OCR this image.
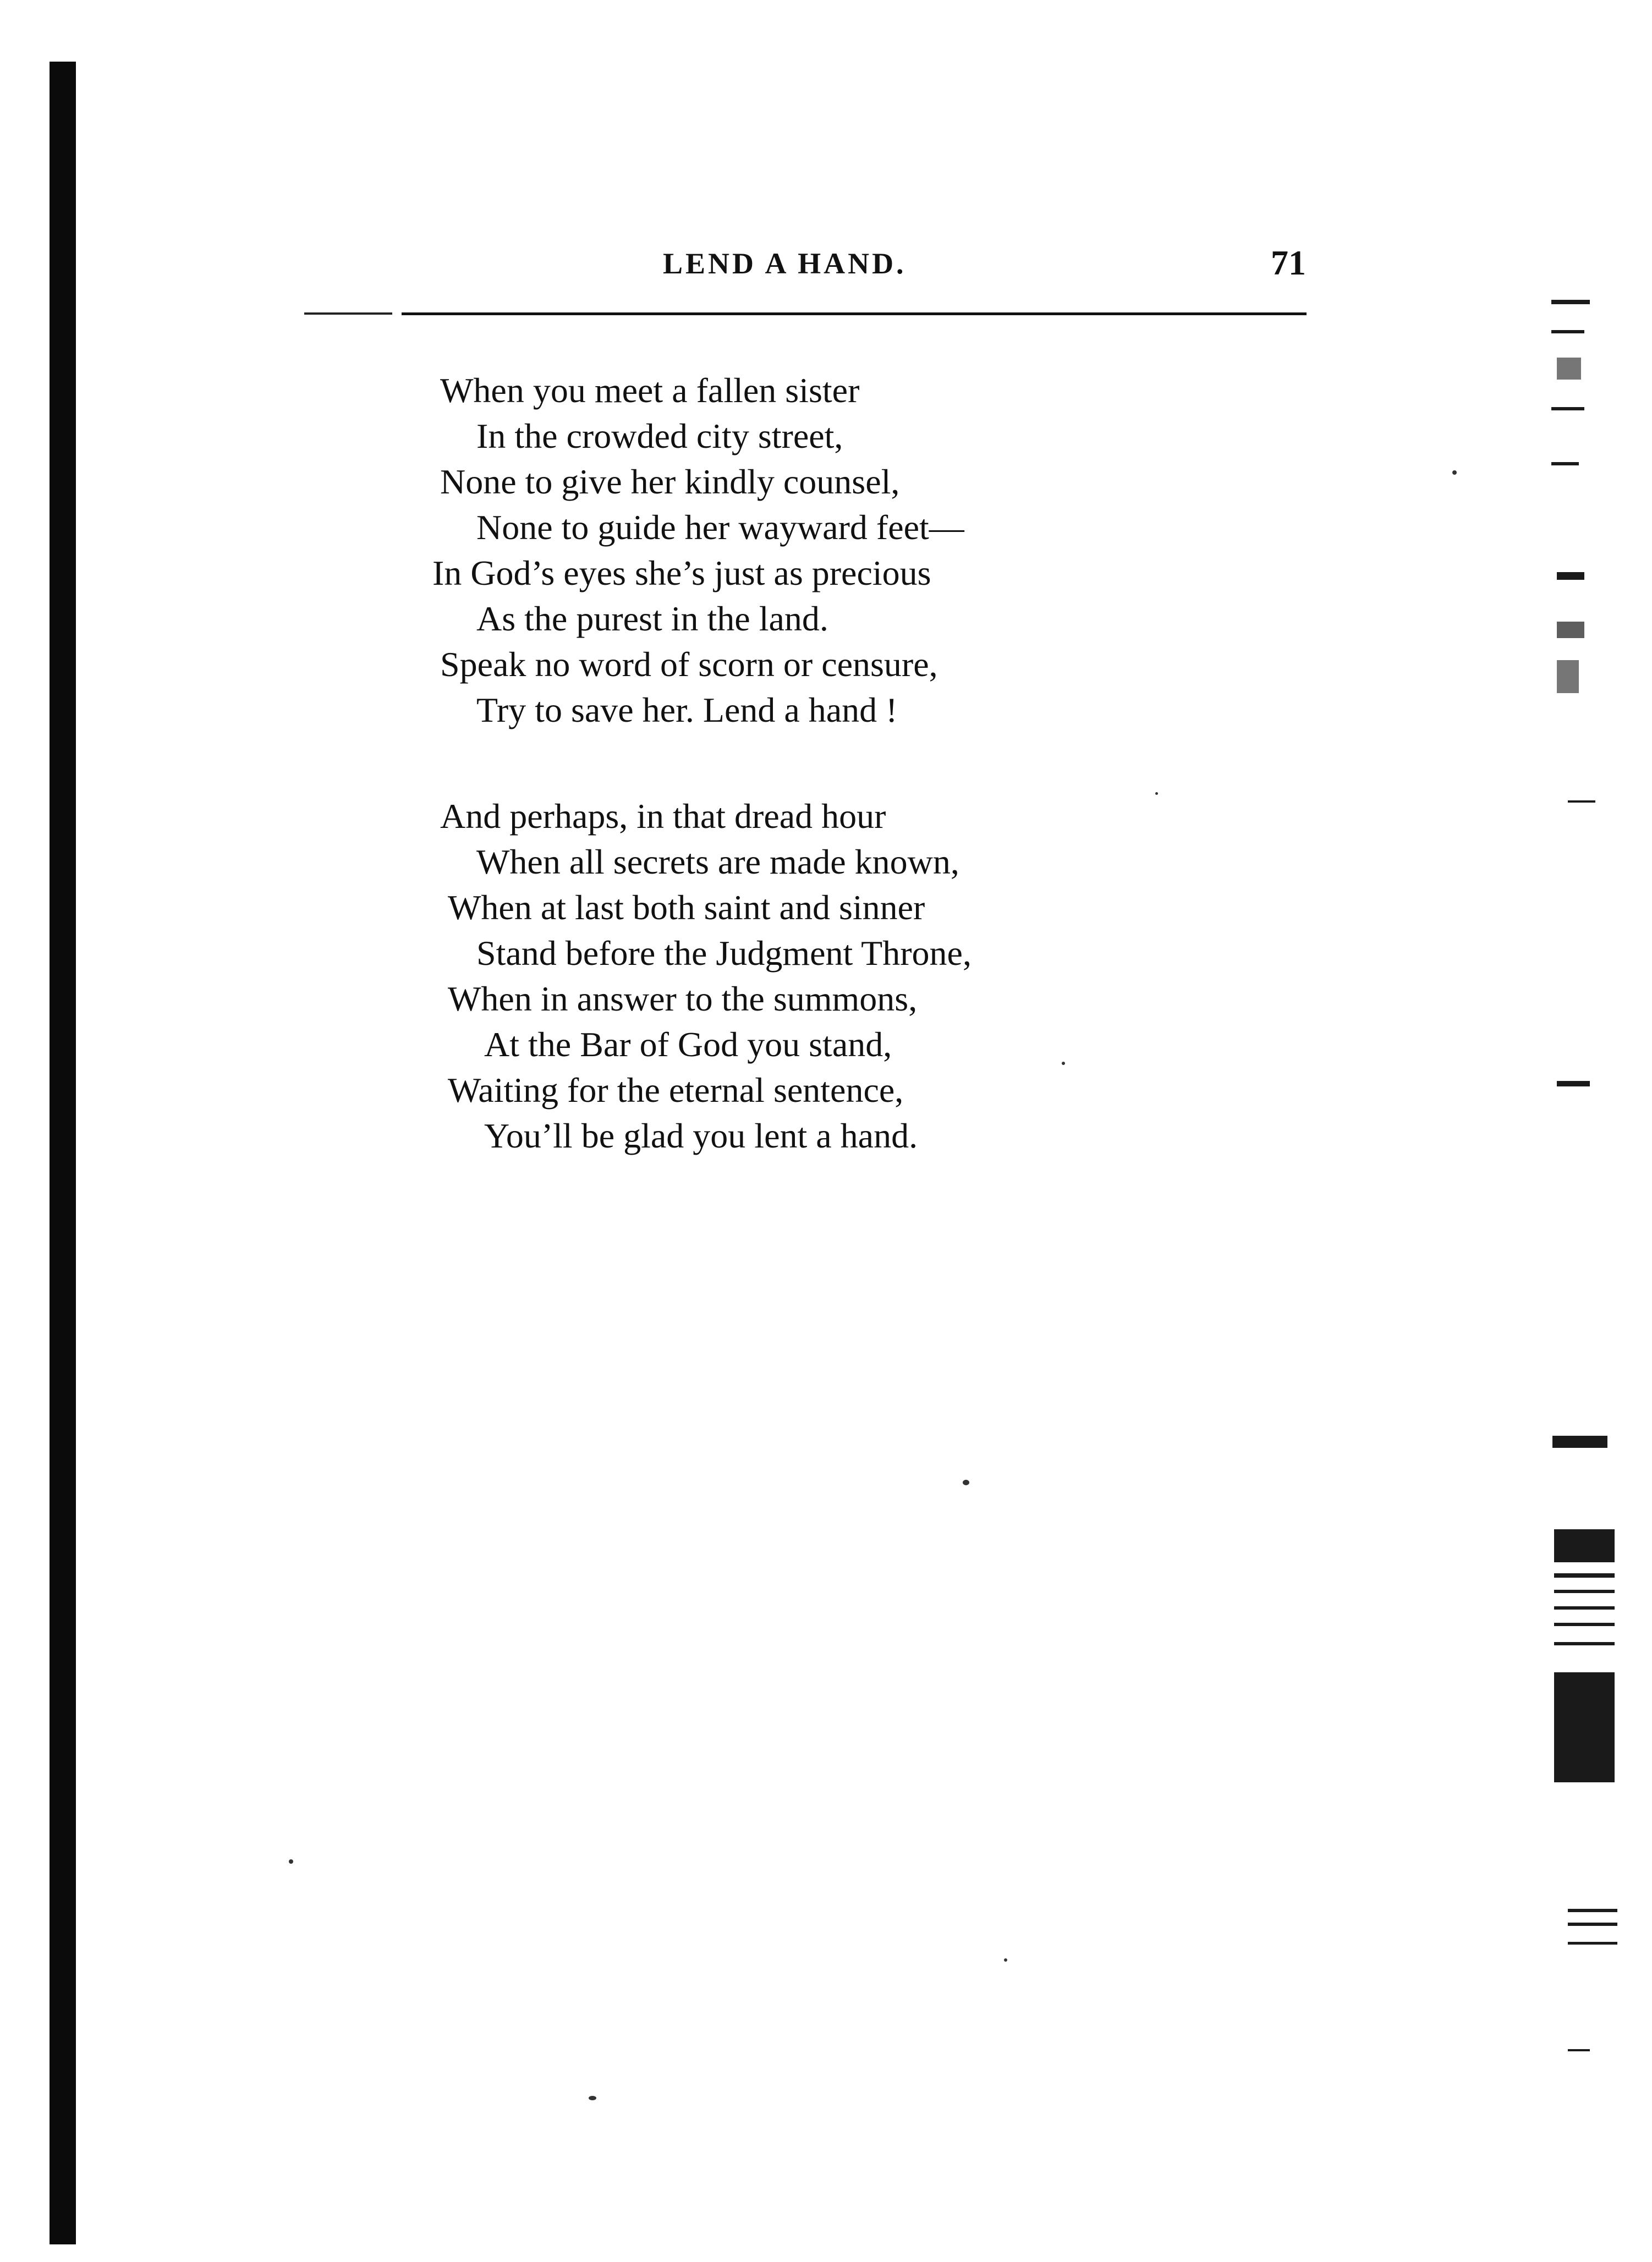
LEND A HAND.	71
When you meet a fallen sister
In the crowded city street,
None to give her kindly counsel,
None to guide her wayward feet—
In God’s eyes she’s just as precious
As the purest in the land.
Speak no word of scorn or censure,
Try to save her. Lend a hand !
And perhaps, in that dread hour
When all secrets are made known,
When at last both saint and sinner
Stand before the Judgment Throne,
When in answer to the summons,
At the Bar of God you stand,
Waiting for the eternal sentence,
You’ll be glad you lent a hand.
